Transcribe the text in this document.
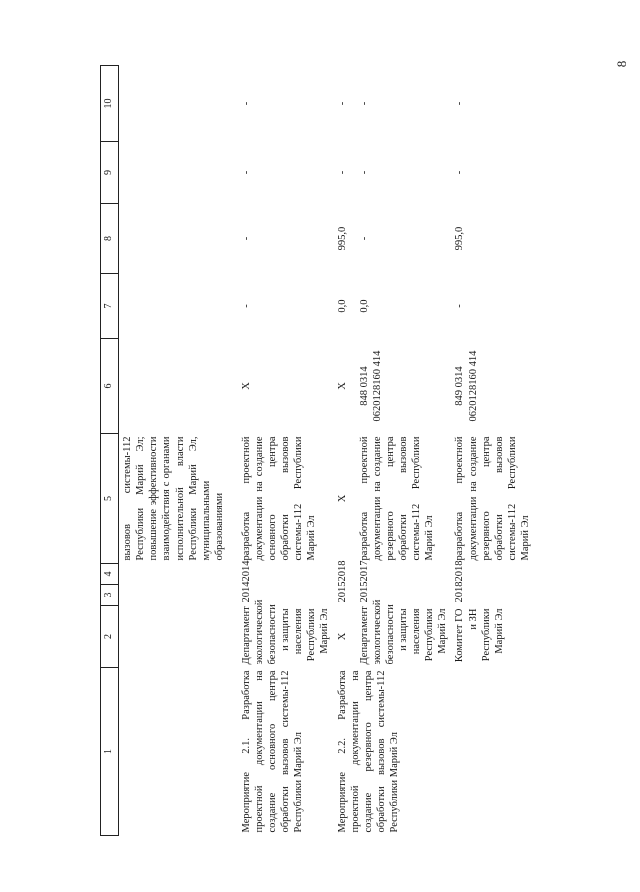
8
1	2	3	4	5	6	7	8	9	10
				вызовов системы-112 Республики Марий Эл; повышение эффективности взаимодействия с органами исполнительной власти Республики Марий Эл, муниципальными образованиями					
Мероприятие 2.1. Разработка проектной документации на создание основного центра обработки вызовов системы-112 Республики Марий Эл	Департамент экологической безопасности и защиты населения Республики Марий Эл	2014	2014	разработка проектной документации на создание основного центра обработки вызовов системы-112 Республики Марий Эл	X	-	-	-	-
Мероприятие 2.2. Разработка проектной документации на создание резервного центра обработки вызовов системы-112 Республики Марий Эл	X	2015	2018	X	X	0,0	995,0	-	-
	Департамент экологической безопасности и защиты населения Республики Марий Эл	2015	2017	разработка проектной документации на создание резервного центра обработки вызовов системы-112 Республики Марий Эл	848 0314 0620128160 414	0,0	-	-	-
	Комитет ГО и ЗН Республики Марий Эл	2018	2018	разработка проектной документации на создание резервного центра обработки вызовов системы-112 Республики Марий Эл	849 0314 0620128160 414	-	995,0	-	-
